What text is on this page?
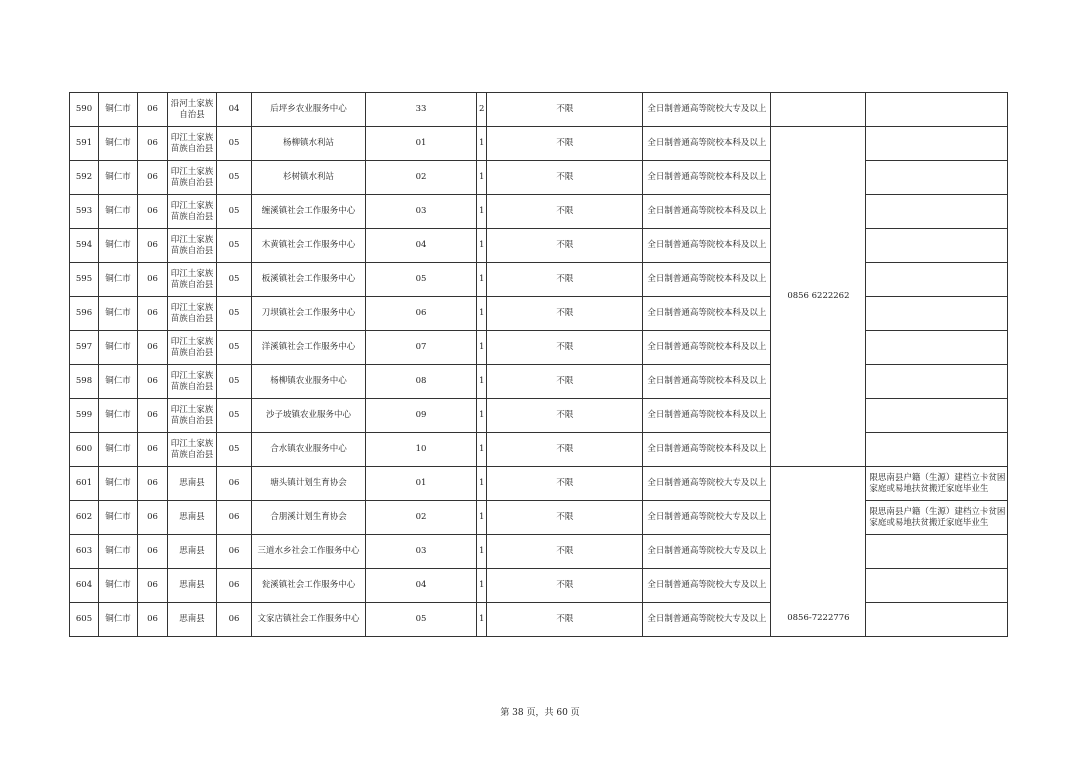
590	铜仁市	06	沿河土家族自治县	04	后坪乡农业服务中心	33	2	不限	全日制普通高等院校大专及以上		
591	铜仁市	06	印江土家族苗族自治县	05	杨柳镇水利站	01	1	不限	全日制普通高等院校本科及以上	0856 6222262	
592	铜仁市	06	印江土家族苗族自治县	05	杉树镇水利站	02	1	不限	全日制普通高等院校本科及以上		
593	铜仁市	06	印江土家族苗族自治县	05	缠溪镇社会工作服务中心	03	1	不限	全日制普通高等院校本科及以上		
594	铜仁市	06	印江土家族苗族自治县	05	木黄镇社会工作服务中心	04	1	不限	全日制普通高等院校本科及以上		
595	铜仁市	06	印江土家族苗族自治县	05	板溪镇社会工作服务中心	05	1	不限	全日制普通高等院校本科及以上		
596	铜仁市	06	印江土家族苗族自治县	05	刀坝镇社会工作服务中心	06	1	不限	全日制普通高等院校本科及以上		
597	铜仁市	06	印江土家族苗族自治县	05	洋溪镇社会工作服务中心	07	1	不限	全日制普通高等院校本科及以上		
598	铜仁市	06	印江土家族苗族自治县	05	杨柳镇农业服务中心	08	1	不限	全日制普通高等院校本科及以上		
599	铜仁市	06	印江土家族苗族自治县	05	沙子坡镇农业服务中心	09	1	不限	全日制普通高等院校本科及以上		
600	铜仁市	06	印江土家族苗族自治县	05	合水镇农业服务中心	10	1	不限	全日制普通高等院校本科及以上		
601	铜仁市	06	思南县	06	塘头镇计划生育协会	01	1	不限	全日制普通高等院校大专及以上	0856-7222776	限思南县户籍（生源）建档立卡贫困家庭或易地扶贫搬迁家庭毕业生
602	铜仁市	06	思南县	06	合朋溪计划生育协会	02	1	不限	全日制普通高等院校大专及以上		限思南县户籍（生源）建档立卡贫困家庭或易地扶贫搬迁家庭毕业生
603	铜仁市	06	思南县	06	三道水乡社会工作服务中心	03	1	不限	全日制普通高等院校大专及以上		
604	铜仁市	06	思南县	06	瓮溪镇社会工作服务中心	04	1	不限	全日制普通高等院校大专及以上		
605	铜仁市	06	思南县	06	文家店镇社会工作服务中心	05	1	不限	全日制普通高等院校大专及以上		
第 38 页，共 60 页
